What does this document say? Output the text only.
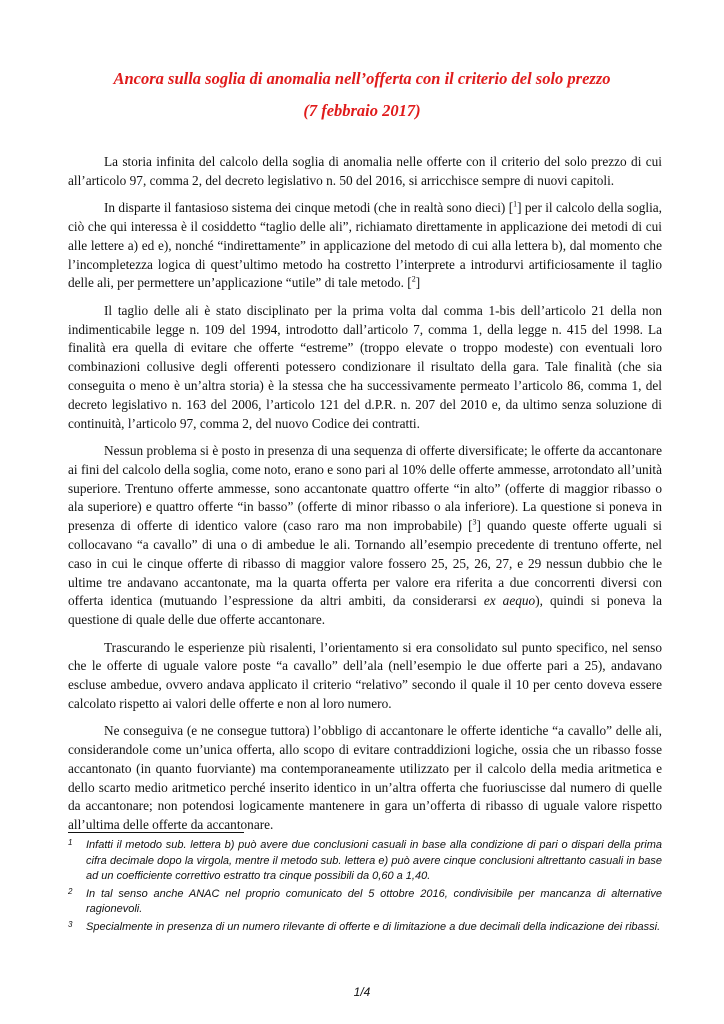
Ancora sulla soglia di anomalia nell’offerta con il criterio del solo prezzo
(7 febbraio 2017)

La storia infinita del calcolo della soglia di anomalia nelle offerte con il criterio del solo prezzo di cui all’articolo 97, comma 2, del decreto legislativo n. 50 del 2016, si arricchisce sempre di nuovi capitoli.

In disparte il fantasioso sistema dei cinque metodi (che in realtà sono dieci) [$^1$] per il calcolo della soglia, ciò che qui interessa è il cosiddetto “taglio delle ali”, richiamato direttamente in applicazione dei metodi di cui alle lettere a) ed e), nonché “indirettamente” in applicazione del metodo di cui alla lettera b), dal momento che l’incompletezza logica di quest’ultimo metodo ha costretto l’interprete a introdurvi artificiosamente il taglio delle ali, per permettere un’applicazione “utile” di tale metodo. [$^2$]

Il taglio delle ali è stato disciplinato per la prima volta dal comma 1-bis dell’articolo 21 della non indimenticabile legge n. 109 del 1994, introdotto dall’articolo 7, comma 1, della legge n. 415 del 1998. La finalità era quella di evitare che offerte “estreme” (troppo elevate o troppo modeste) con eventuali loro combinazioni collusive degli offerenti potessero condizionare il risultato della gara. Tale finalità (che sia conseguita o meno è un’altra storia) è la stessa che ha successivamente permeato l’articolo 86, comma 1, del decreto legislativo n. 163 del 2006, l’articolo 121 del d.P.R. n. 207 del 2010 e, da ultimo senza soluzione di continuità, l’articolo 97, comma 2, del nuovo Codice dei contratti.

Nessun problema si è posto in presenza di una sequenza di offerte diversificate; le offerte da accantonare ai fini del calcolo della soglia, come noto, erano e sono pari al 10% delle offerte ammesse, arrotondato all’unità superiore. Trentuno offerte ammesse, sono accantonate quattro offerte “in alto” (offerte di maggior ribasso o ala superiore) e quattro offerte “in basso” (offerte di minor ribasso o ala inferiore). La questione si poneva in presenza di offerte di identico valore (caso raro ma non improbabile) [$^3$] quando queste offerte uguali si collocavano “a cavallo” di una o di ambedue le ali. Tornando all’esempio precedente di trentuno offerte, nel caso in cui le cinque offerte di ribasso di maggior valore fossero 25, 25, 26, 27, e 29 nessun dubbio che le ultime tre andavano accantonate, ma la quarta offerta per valore era riferita a due concorrenti diversi con offerta identica (mutuando l’espressione da altri ambiti, da considerarsi ex aequo), quindi si poneva la questione di quale delle due offerte accantonare.

Trascurando le esperienze più risalenti, l’orientamento si era consolidato sul punto specifico, nel senso che le offerte di uguale valore poste “a cavallo” dell’ala (nell’esempio le due offerte pari a 25), andavano escluse ambedue, ovvero andava applicato il criterio “relativo” secondo il quale il 10 per cento doveva essere calcolato rispetto ai valori delle offerte e non al loro numero.

Ne conseguiva (e ne consegue tuttora) l’obbligo di accantonare le offerte identiche “a cavallo” delle ali, considerandole come un’unica offerta, allo scopo di evitare contraddizioni logiche, ossia che un ribasso fosse accantonato (in quanto fuorviante) ma contemporaneamente utilizzato per il calcolo della media aritmetica e dello scarto medio aritmetico perché inserito identico in un’altra offerta che fuoriuscisse dal numero di quelle da accantonare; non potendosi logicamente mantenere in gara un’offerta di ribasso di uguale valore rispetto all’ultima delle offerte da accantonare.

1 Infatti il metodo sub. lettera b) può avere due conclusioni casuali in base alla condizione di pari o dispari della prima cifra decimale dopo la virgola, mentre il metodo sub. lettera e) può avere cinque conclusioni altrettanto casuali in base ad un coefficiente correttivo estratto tra cinque possibili da 0,60 a 1,40.
2 In tal senso anche ANAC nel proprio comunicato del 5 ottobre 2016, condivisibile per mancanza di alternative ragionevoli.
3 Specialmente in presenza di un numero rilevante di offerte e di limitazione a due decimali della indicazione dei ribassi.
1/4
